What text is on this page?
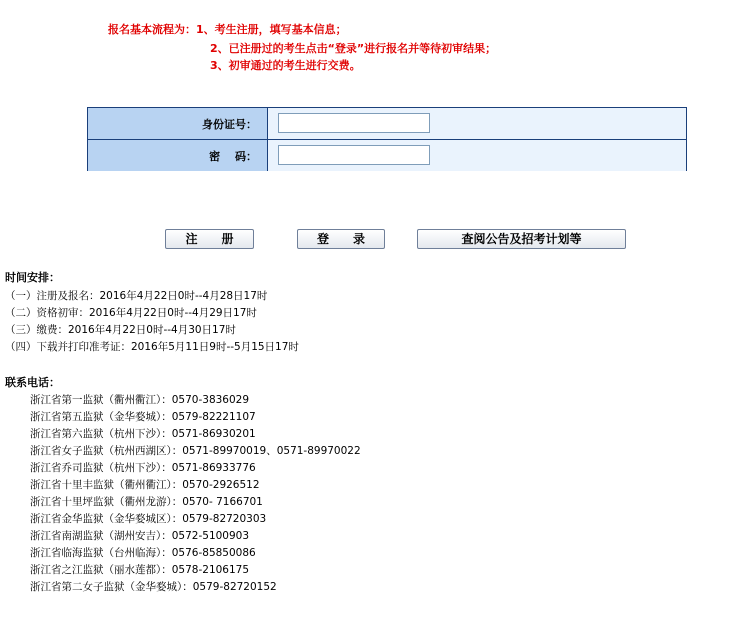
报名基本流程为：1、考生注册，填写基本信息；
2、已注册过的考生点击“登录”进行报名并等待初审结果；
3、初审通过的考生进行交费。
身份证号：
密　 码：
注　　册	登　　录	查阅公告及招考计划等
时间安排：
（一）注册及报名：2016年4月22日0时--4月28日17时
（二）资格初审：2016年4月22日0时--4月29日17时
（三）缴费：2016年4月22日0时--4月30日17时
（四）下载并打印准考证：2016年5月11日9时--5月15日17时
联系电话：
浙江省第一监狱（衢州衢江）：0570-3836029
浙江省第五监狱（金华婺城）：0579-82221107
浙江省第六监狱（杭州下沙）：0571-86930201
浙江省女子监狱（杭州西湖区）：0571-89970019、0571-89970022
浙江省乔司监狱（杭州下沙）：0571-86933776
浙江省十里丰监狱（衢州衢江）：0570-2926512
浙江省十里坪监狱（衢州龙游）：0570- 7166701
浙江省金华监狱（金华婺城区）：0579-82720303
浙江省南湖监狱（湖州安吉）：0572-5100903
浙江省临海监狱（台州临海）：0576-85850086
浙江省之江监狱（丽水莲都）：0578-2106175
浙江省第二女子监狱（金华婺城）：0579-82720152
